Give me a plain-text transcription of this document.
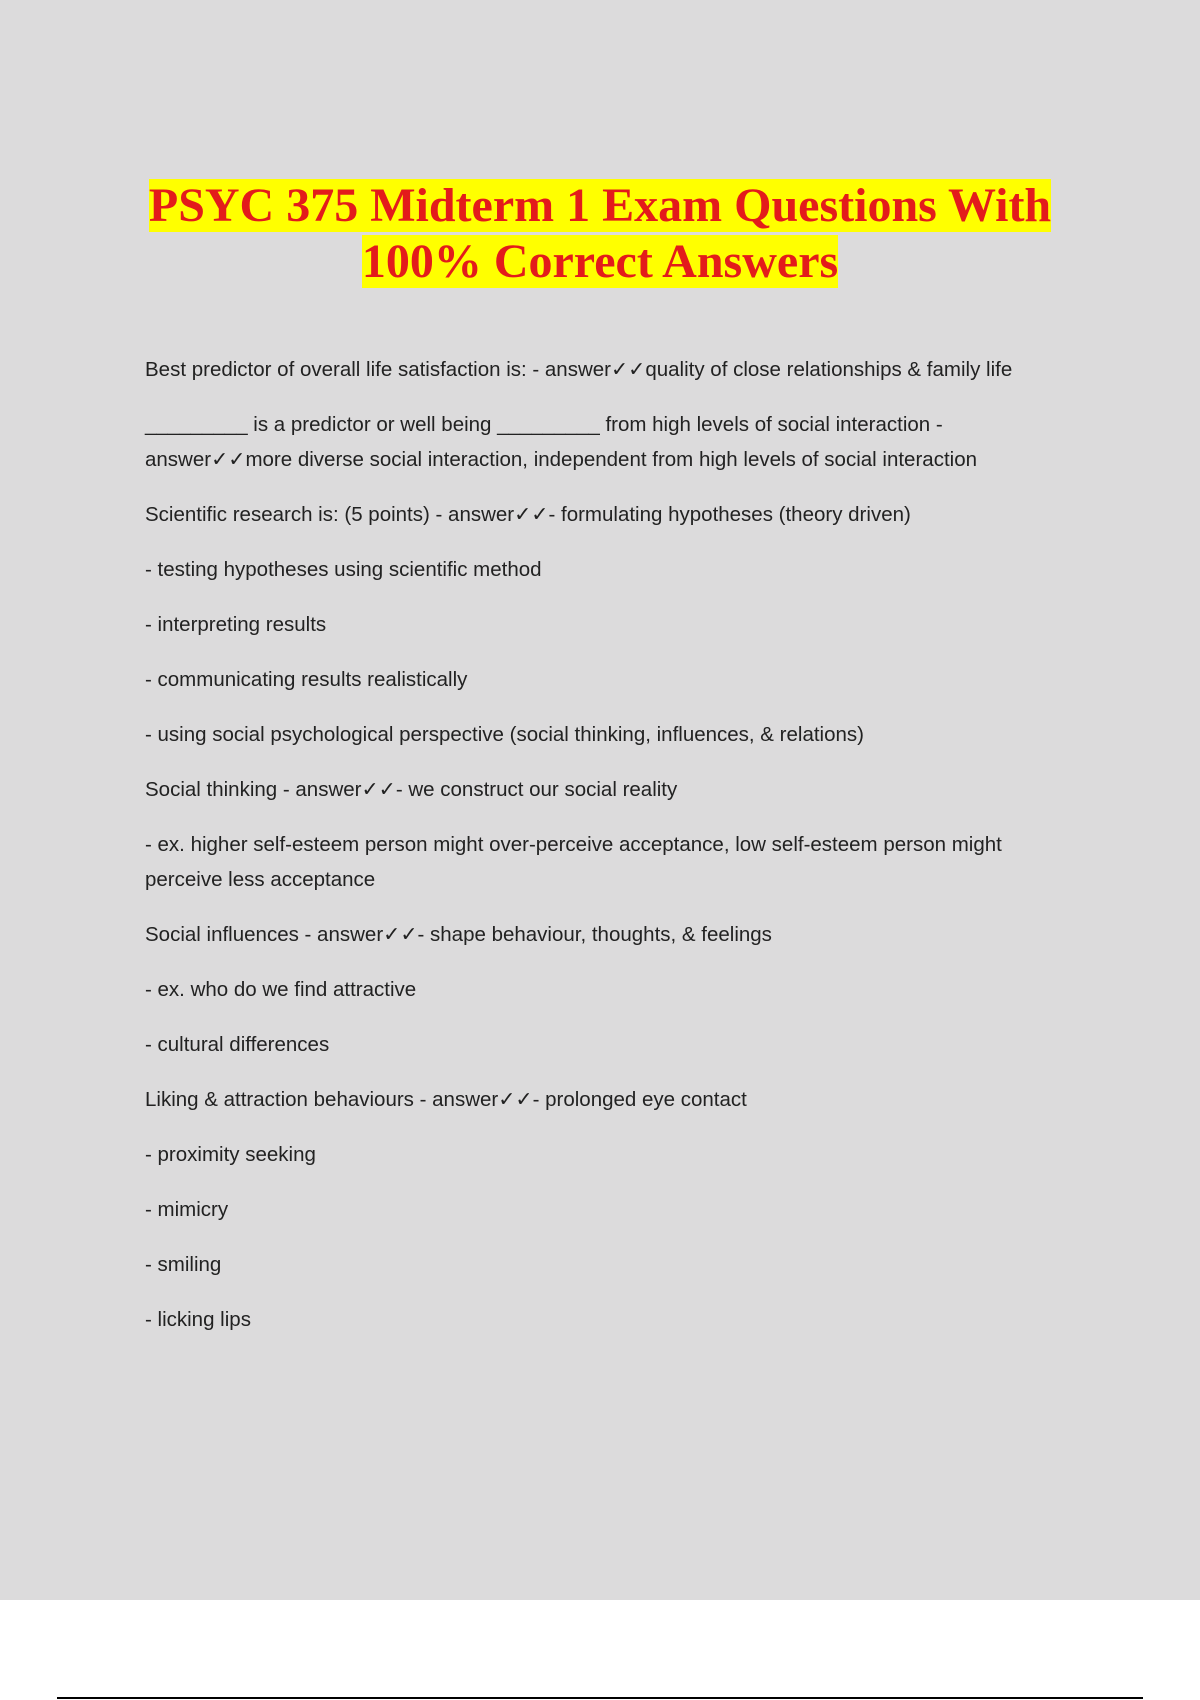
PSYC 375 Midterm 1 Exam Questions With
100% Correct Answers

Best predictor of overall life satisfaction is: - answer✓✓quality of close relationships & family life

_________ is a predictor or well being _________ from high levels of social interaction - answer✓✓more diverse social interaction, independent from high levels of social interaction

Scientific research is: (5 points) - answer✓✓- formulating hypotheses (theory driven)

- testing hypotheses using scientific method

- interpreting results

- communicating results realistically

- using social psychological perspective (social thinking, influences, & relations)

Social thinking - answer✓✓- we construct our social reality

- ex. higher self-esteem person might over-perceive acceptance, low self-esteem person might perceive less acceptance

Social influences - answer✓✓- shape behaviour, thoughts, & feelings

- ex. who do we find attractive

- cultural differences

Liking & attraction behaviours - answer✓✓- prolonged eye contact

- proximity seeking

- mimicry

- smiling

- licking lips
